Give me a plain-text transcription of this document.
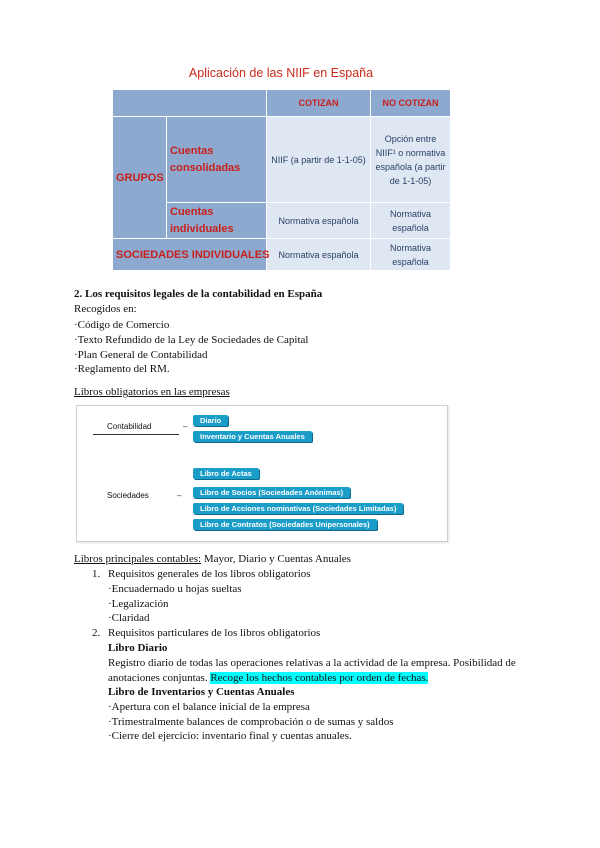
Aplicación de las NIIF en España
		COTIZAN	NO COTIZAN
GRUPOS	Cuentas consolidadas	NIIF (a partir de 1-1-05)	Opción entre NIIF¹ o normativa española (a partir de 1-1-05)
	Cuentas individuales	Normativa española	Normativa española
SOCIEDADES INDIVIDUALES		Normativa española	Normativa española
2. Los requisitos legales de la contabilidad en España
Recogidos en:
·Código de Comercio
·Texto Refundido de la Ley de Sociedades de Capital
·Plan General de Contabilidad
·Reglamento del RM.
Libros obligatorios en las empresas
Contabilidad	–
Diario
Inventario y Cuentas Anuales
Sociedades	–
Libro de Actas
Libro de Socios (Sociedades Anónimas)
Libro de Acciones nominativas (Sociedades Limitadas)
Libro de Contratos (Sociedades Unipersonales)
Libros principales contables: Mayor, Diario y Cuentas Anuales
1. Requisitos generales de los libros obligatorios
·Encuadernado u hojas sueltas
·Legalización
·Claridad
2. Requisitos particulares de los libros obligatorios
Libro Diario
Registro diario de todas las operaciones relativas a la actividad de la empresa. Posibilidad de
anotaciones conjuntas. Recoge los hechos contables por orden de fechas.
Libro de Inventarios y Cuentas Anuales
·Apertura con el balance inicial de la empresa
·Trimestralmente balances de comprobación o de sumas y saldos
·Cierre del ejercicio: inventario final y cuentas anuales.
